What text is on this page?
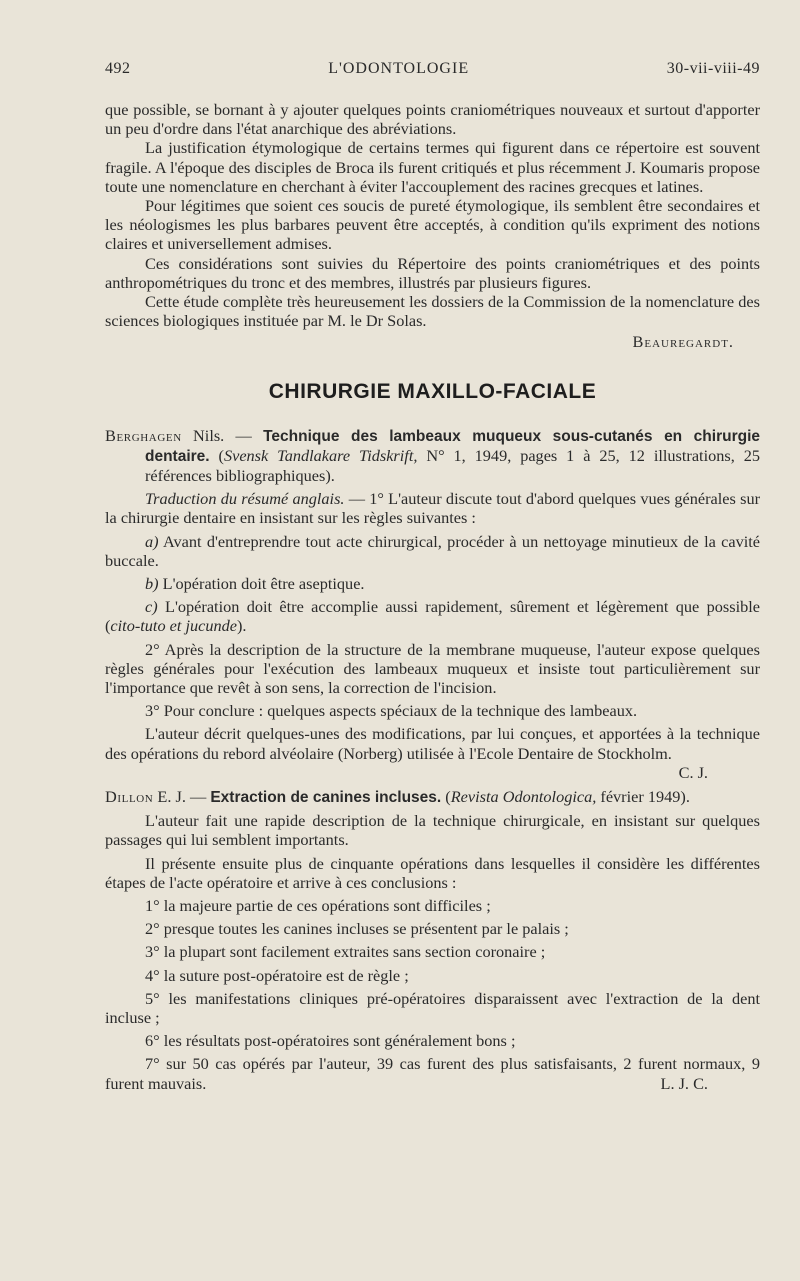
492	L'ODONTOLOGIE	30-vii-viii-49

que possible, se bornant à y ajouter quelques points craniométriques nouveaux et surtout d'apporter un peu d'ordre dans l'état anarchique des abréviations.

La justification étymologique de certains termes qui figurent dans ce répertoire est souvent fragile. A l'époque des disciples de Broca ils furent critiqués et plus récemment J. Koumaris propose toute une nomenclature en cherchant à éviter l'accouplement des racines grecques et latines.

Pour légitimes que soient ces soucis de pureté étymologique, ils semblent être secondaires et les néologismes les plus barbares peuvent être acceptés, à condition qu'ils expriment des notions claires et universellement admises.

Ces considérations sont suivies du Répertoire des points craniométriques et des points anthropométriques du tronc et des membres, illustrés par plusieurs figures.

Cette étude complète très heureusement les dossiers de la Commission de la nomenclature des sciences biologiques instituée par M. le Dr Solas.

Beauregardt.

CHIRURGIE MAXILLO-FACIALE

Berghagen Nils. — Technique des lambeaux muqueux sous-cutanés en chirurgie dentaire. (Svensk Tandlakare Tidskrift, N° 1, 1949, pages 1 à 25, 12 illustrations, 25 références bibliographiques).

Traduction du résumé anglais. — 1° L'auteur discute tout d'abord quelques vues générales sur la chirurgie dentaire en insistant sur les règles suivantes :

a) Avant d'entreprendre tout acte chirurgical, procéder à un nettoyage minutieux de la cavité buccale.

b) L'opération doit être aseptique.

c) L'opération doit être accomplie aussi rapidement, sûrement et légèrement que possible (cito-tuto et jucunde).

2° Après la description de la structure de la membrane muqueuse, l'auteur expose quelques règles générales pour l'exécution des lambeaux muqueux et insiste tout particulièrement sur l'importance que revêt à son sens, la correction de l'incision.

3° Pour conclure : quelques aspects spéciaux de la technique des lambeaux.

L'auteur décrit quelques-unes des modifications, par lui conçues, et apportées à la technique des opérations du rebord alvéolaire (Norberg) utilisée à l'Ecole Dentaire de Stockholm.
C. J.

Dillon E. J. — Extraction de canines incluses. (Revista Odontologica, février 1949).

L'auteur fait une rapide description de la technique chirurgicale, en insistant sur quelques passages qui lui semblent importants.

Il présente ensuite plus de cinquante opérations dans lesquelles il considère les différentes étapes de l'acte opératoire et arrive à ces conclusions :

1° la majeure partie de ces opérations sont difficiles ;

2° presque toutes les canines incluses se présentent par le palais ;

3° la plupart sont facilement extraites sans section coronaire ;

4° la suture post-opératoire est de règle ;

5° les manifestations cliniques pré-opératoires disparaissent avec l'extraction de la dent incluse ;

6° les résultats post-opératoires sont généralement bons ;

7° sur 50 cas opérés par l'auteur, 39 cas furent des plus satisfaisants, 2 furent normaux, 9 furent mauvais.	L. J. C.
